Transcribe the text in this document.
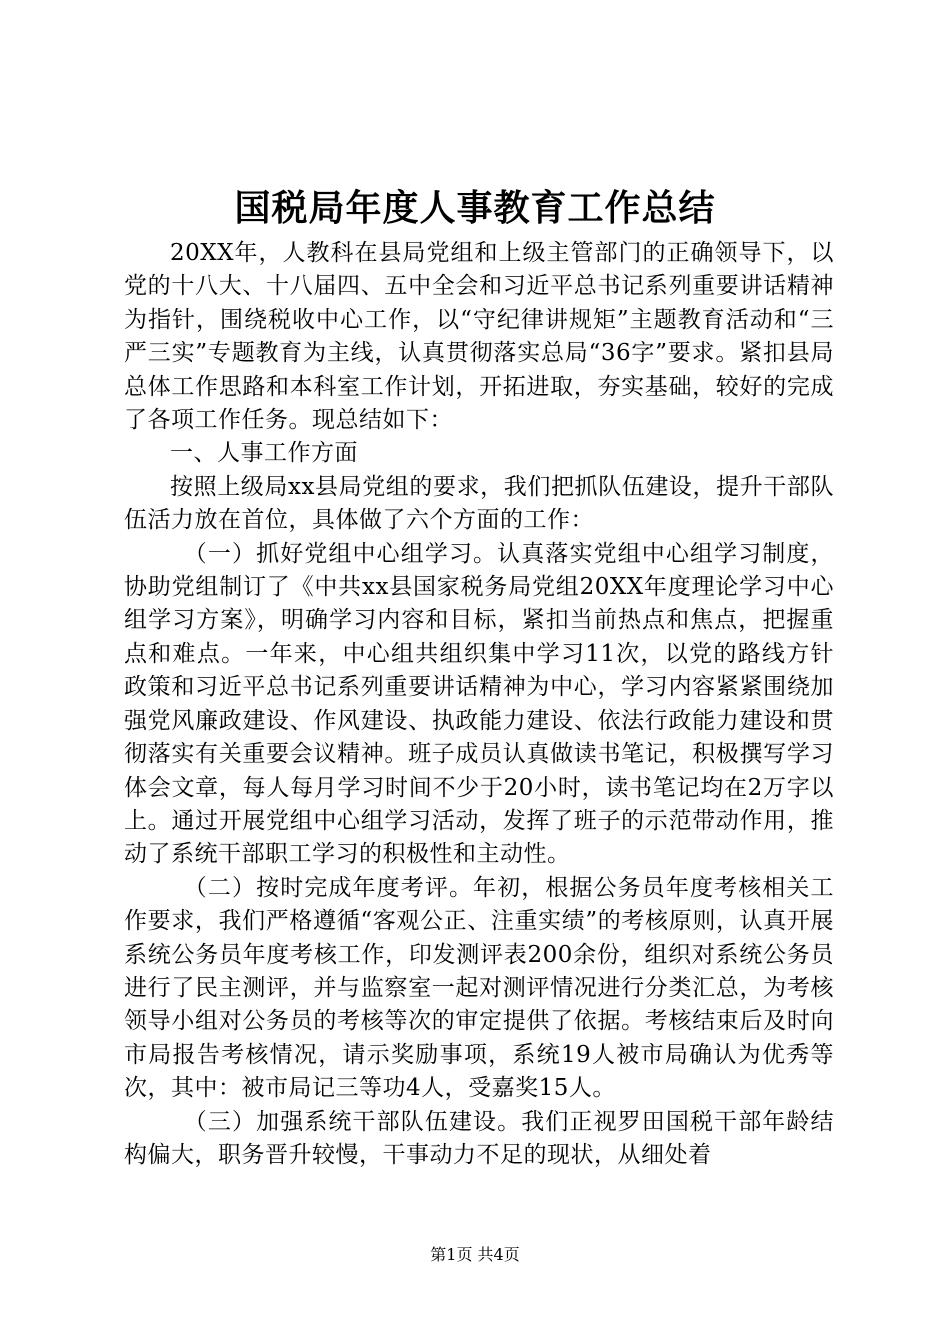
国税局年度人事教育工作总结

20XX年，人教科在县局党组和上级主管部门的正确领导下，以党的十八大、十八届四、五中全会和习近平总书记系列重要讲话精神为指针，围绕税收中心工作，以“守纪律讲规矩”主题教育活动和“三严三实”专题教育为主线，认真贯彻落实总局“36字”要求。紧扣县局总体工作思路和本科室工作计划，开拓进取，夯实基础，较好的完成了各项工作任务。现总结如下：

一、人事工作方面

按照上级局xx县局党组的要求，我们把抓队伍建设，提升干部队伍活力放在首位，具体做了六个方面的工作：

（一）抓好党组中心组学习。认真落实党组中心组学习制度，协助党组制订了《中共xx县国家税务局党组20XX年度理论学习中心组学习方案》，明确学习内容和目标，紧扣当前热点和焦点，把握重点和难点。一年来，中心组共组织集中学习11次，以党的路线方针政策和习近平总书记系列重要讲话精神为中心，学习内容紧紧围绕加强党风廉政建设、作风建设、执政能力建设、依法行政能力建设和贯彻落实有关重要会议精神。班子成员认真做读书笔记，积极撰写学习体会文章，每人每月学习时间不少于20小时，读书笔记均在2万字以上。通过开展党组中心组学习活动，发挥了班子的示范带动作用，推动了系统干部职工学习的积极性和主动性。

（二）按时完成年度考评。年初，根据公务员年度考核相关工作要求，我们严格遵循“客观公正、注重实绩”的考核原则，认真开展系统公务员年度考核工作，印发测评表200余份，组织对系统公务员进行了民主测评，并与监察室一起对测评情况进行分类汇总，为考核领导小组对公务员的考核等次的审定提供了依据。考核结束后及时向市局报告考核情况，请示奖励事项，系统19人被市局确认为优秀等次，其中：被市局记三等功4人，受嘉奖15人。

（三）加强系统干部队伍建设。我们正视罗田国税干部年龄结构偏大，职务晋升较慢，干事动力不足的现状，从细处着

第1页 共4页
